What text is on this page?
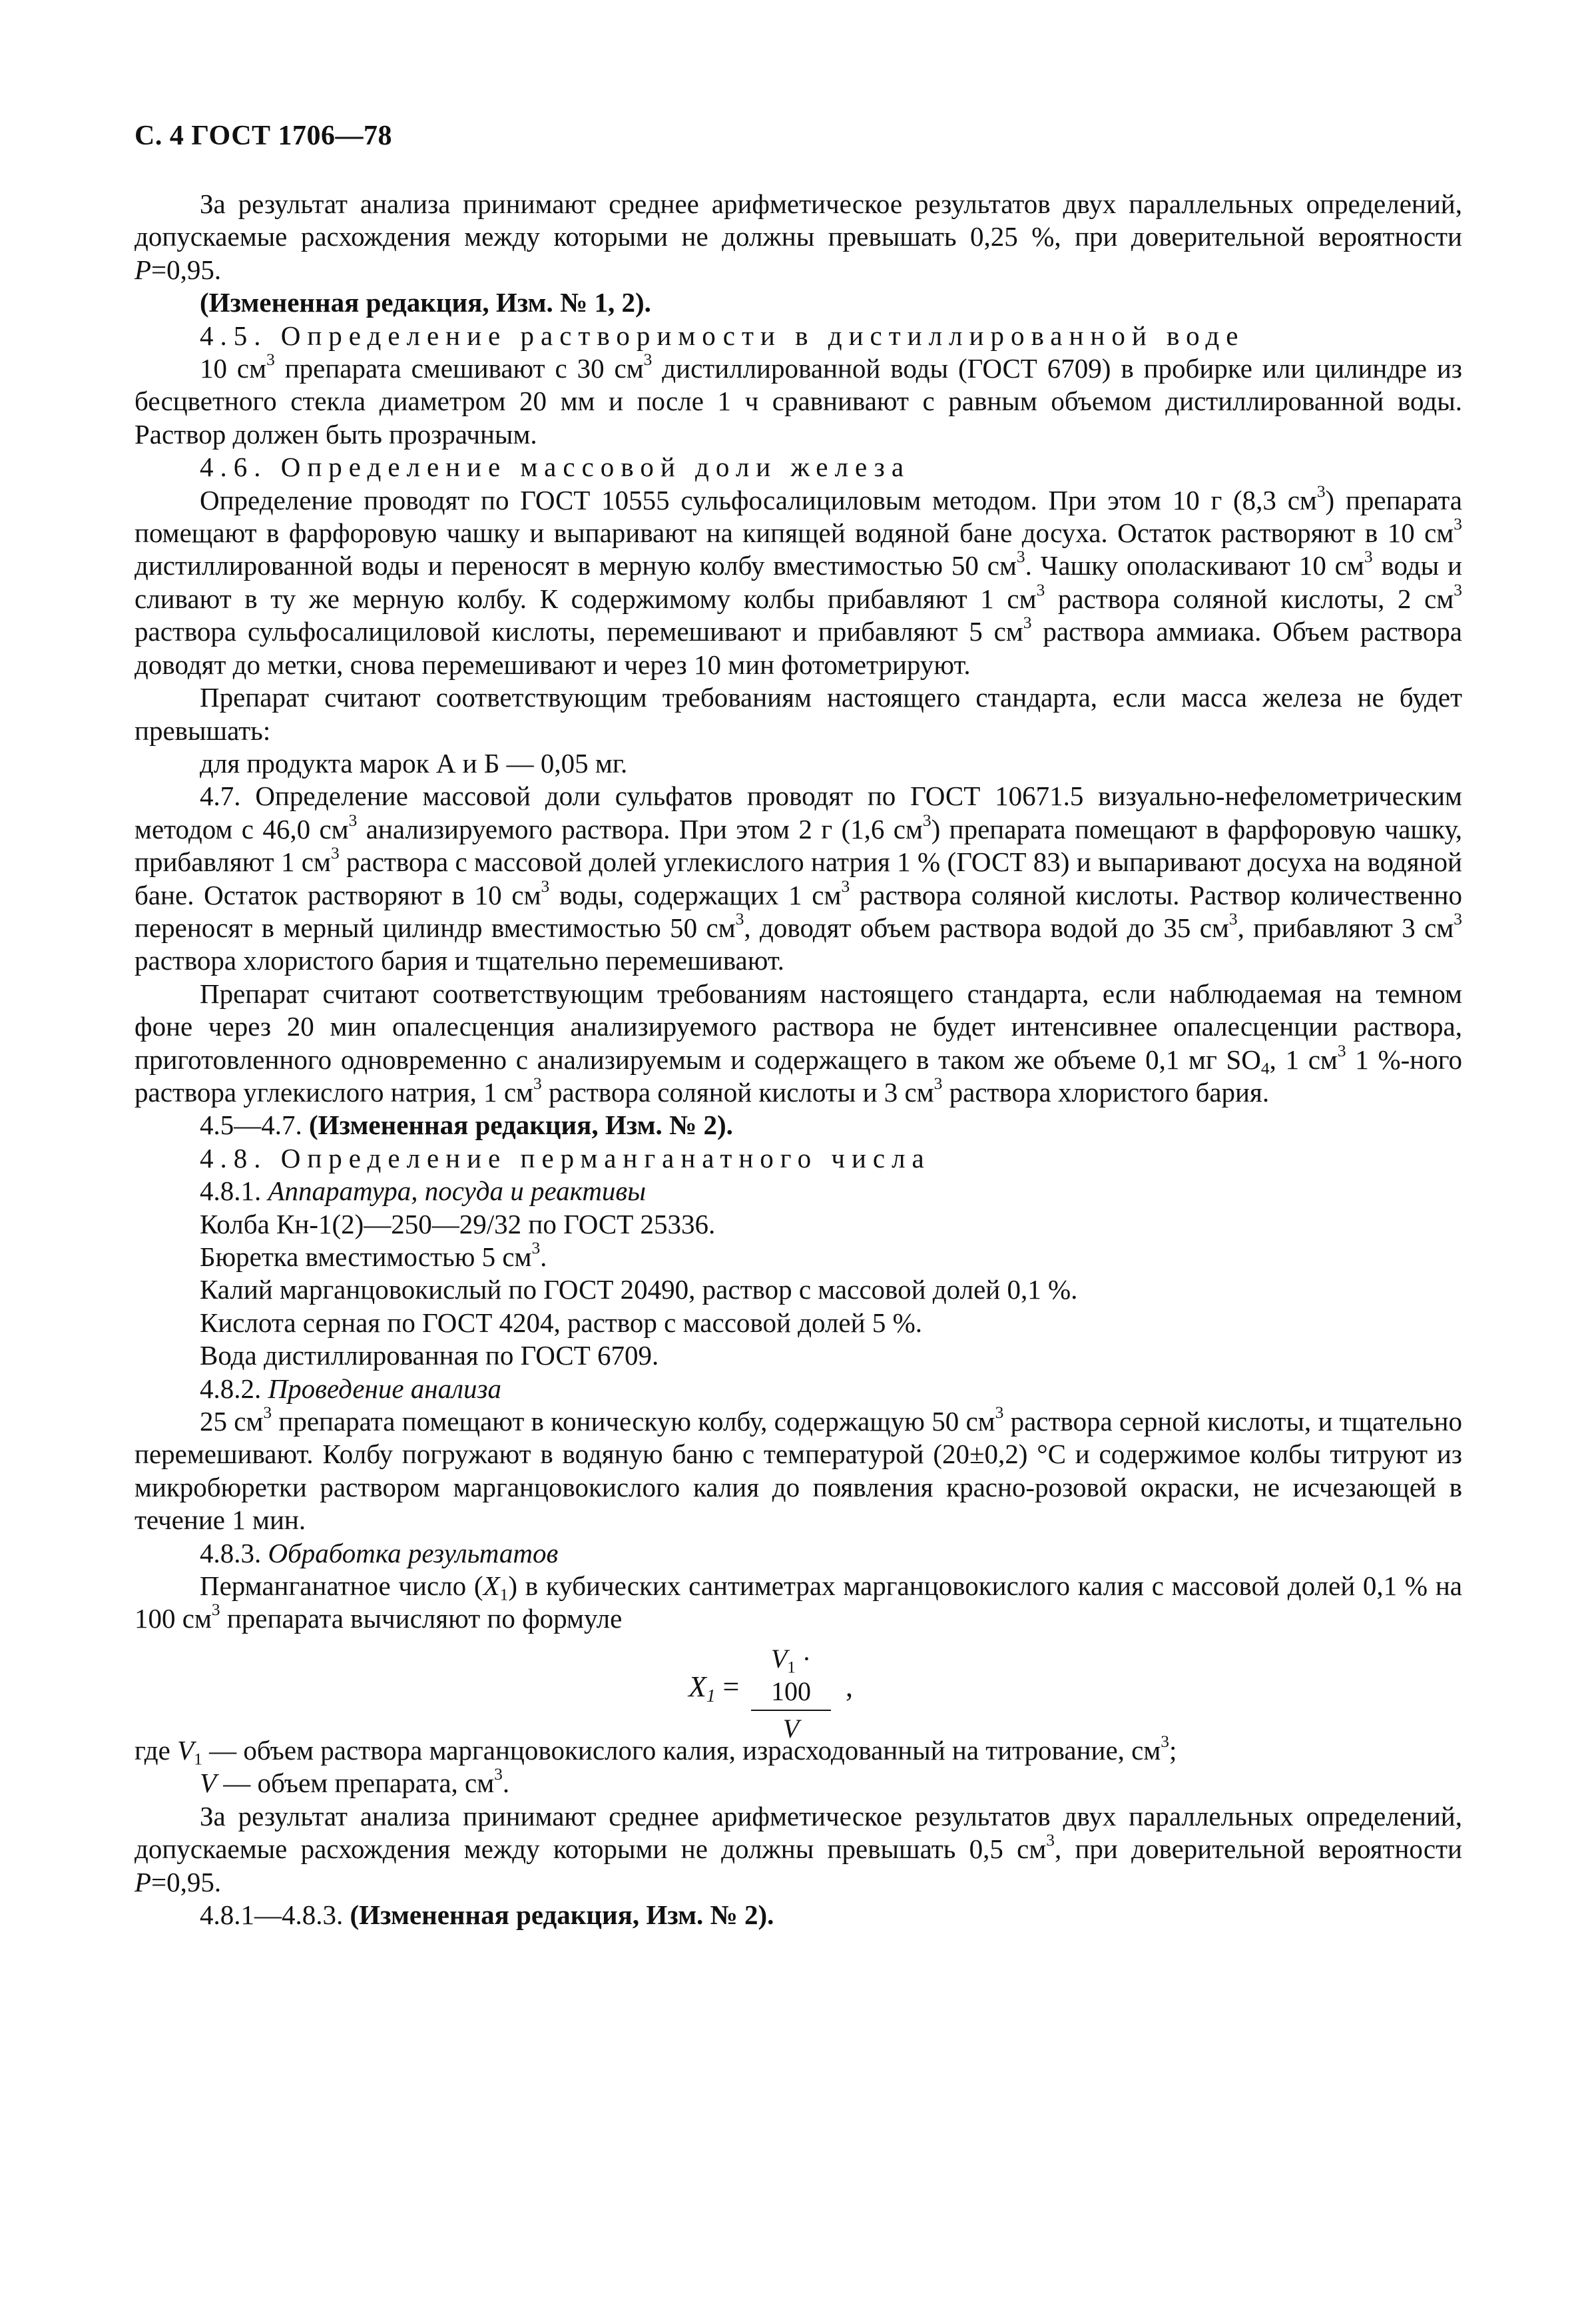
С. 4 ГОСТ 1706—78

За результат анализа принимают среднее арифметическое результатов двух параллельных определений, допускаемые расхождения между которыми не должны превышать 0,25 %, при доверительной вероятности P=0,95.

(Измененная редакция, Изм. № 1, 2).

4.5. Определение растворимости в дистиллированной воде

10 $см^3$ препарата смешивают с 30 $см^3$ дистиллированной воды (ГОСТ 6709) в пробирке или цилиндре из бесцветного стекла диаметром 20 мм и после 1 ч сравнивают с равным объемом дистиллированной воды. Раствор должен быть прозрачным.

4.6. Определение массовой доли железа

Определение проводят по ГОСТ 10555 сульфосалициловым методом. При этом 10 г (8,3 $см^3$) препарата помещают в фарфоровую чашку и выпаривают на кипящей водяной бане досуха. Остаток растворяют в 10 $см^3$ дистиллированной воды и переносят в мерную колбу вместимостью 50 $см^3$. Чашку ополаскивают 10 $см^3$ воды и сливают в ту же мерную колбу. К содержимому колбы прибавляют 1 $см^3$ раствора соляной кислоты, 2 $см^3$ раствора сульфосалициловой кислоты, перемешивают и прибавляют 5 $см^3$ раствора аммиака. Объем раствора доводят до метки, снова перемешивают и через 10 мин фотометрируют.

Препарат считают соответствующим требованиям настоящего стандарта, если масса железа не будет превышать:

для продукта марок А и Б — 0,05 мг.

4.7. Определение массовой доли сульфатов проводят по ГОСТ 10671.5 визуально-нефелометрическим методом с 46,0 $см^3$ анализируемого раствора. При этом 2 г (1,6 $см^3$) препарата помещают в фарфоровую чашку, прибавляют 1 $см^3$ раствора с массовой долей углекислого натрия 1 % (ГОСТ 83) и выпаривают досуха на водяной бане. Остаток растворяют в 10 $см^3$ воды, содержащих 1 $см^3$ раствора соляной кислоты. Раствор количественно переносят в мерный цилиндр вместимостью 50 $см^3$, доводят объем раствора водой до 35 $см^3$, прибавляют 3 $см^3$ раствора хлористого бария и тщательно перемешивают.

Препарат считают соответствующим требованиям настоящего стандарта, если наблюдаемая на темном фоне через 20 мин опалесценция анализируемого раствора не будет интенсивнее опалесценции раствора, приготовленного одновременно с анализируемым и содержащего в таком же объеме 0,1 мг $SO_4$, 1 $см^3$ 1 %-ного раствора углекислого натрия, 1 $см^3$ раствора соляной кислоты и 3 $см^3$ раствора хлористого бария.

4.5—4.7. (Измененная редакция, Изм. № 2).

4.8. Определение перманганатного числа

4.8.1. Аппаратура, посуда и реактивы

Колба Кн-1(2)—250—29/32 по ГОСТ 25336.

Бюретка вместимостью 5 $см^3$.

Калий марганцовокислый по ГОСТ 20490, раствор с массовой долей 0,1 %.

Кислота серная по ГОСТ 4204, раствор с массовой долей 5 %.

Вода дистиллированная по ГОСТ 6709.

4.8.2. Проведение анализа

25 $см^3$ препарата помещают в коническую колбу, содержащую 50 $см^3$ раствора серной кислоты, и тщательно перемешивают. Колбу погружают в водяную баню с температурой (20±0,2) °С и содержимое колбы титруют из микробюретки раствором марганцовокислого калия до появления красно-розовой окраски, не исчезающей в течение 1 мин.

4.8.3. Обработка результатов

Перманганатное число $(X_1)$ в кубических сантиметрах марганцовокислого калия с массовой долей 0,1 % на 100 $см^3$ препарата вычисляют по формуле

$X_1 = \frac{V_1 \cdot 100}{V}$ ,

где $V_1$ — объем раствора марганцовокислого калия, израсходованный на титрование, $см^3$;

V — объем препарата, $см^3$.

За результат анализа принимают среднее арифметическое результатов двух параллельных определений, допускаемые расхождения между которыми не должны превышать 0,5 $см^3$, при доверительной вероятности P=0,95.

4.8.1—4.8.3. (Измененная редакция, Изм. № 2).
